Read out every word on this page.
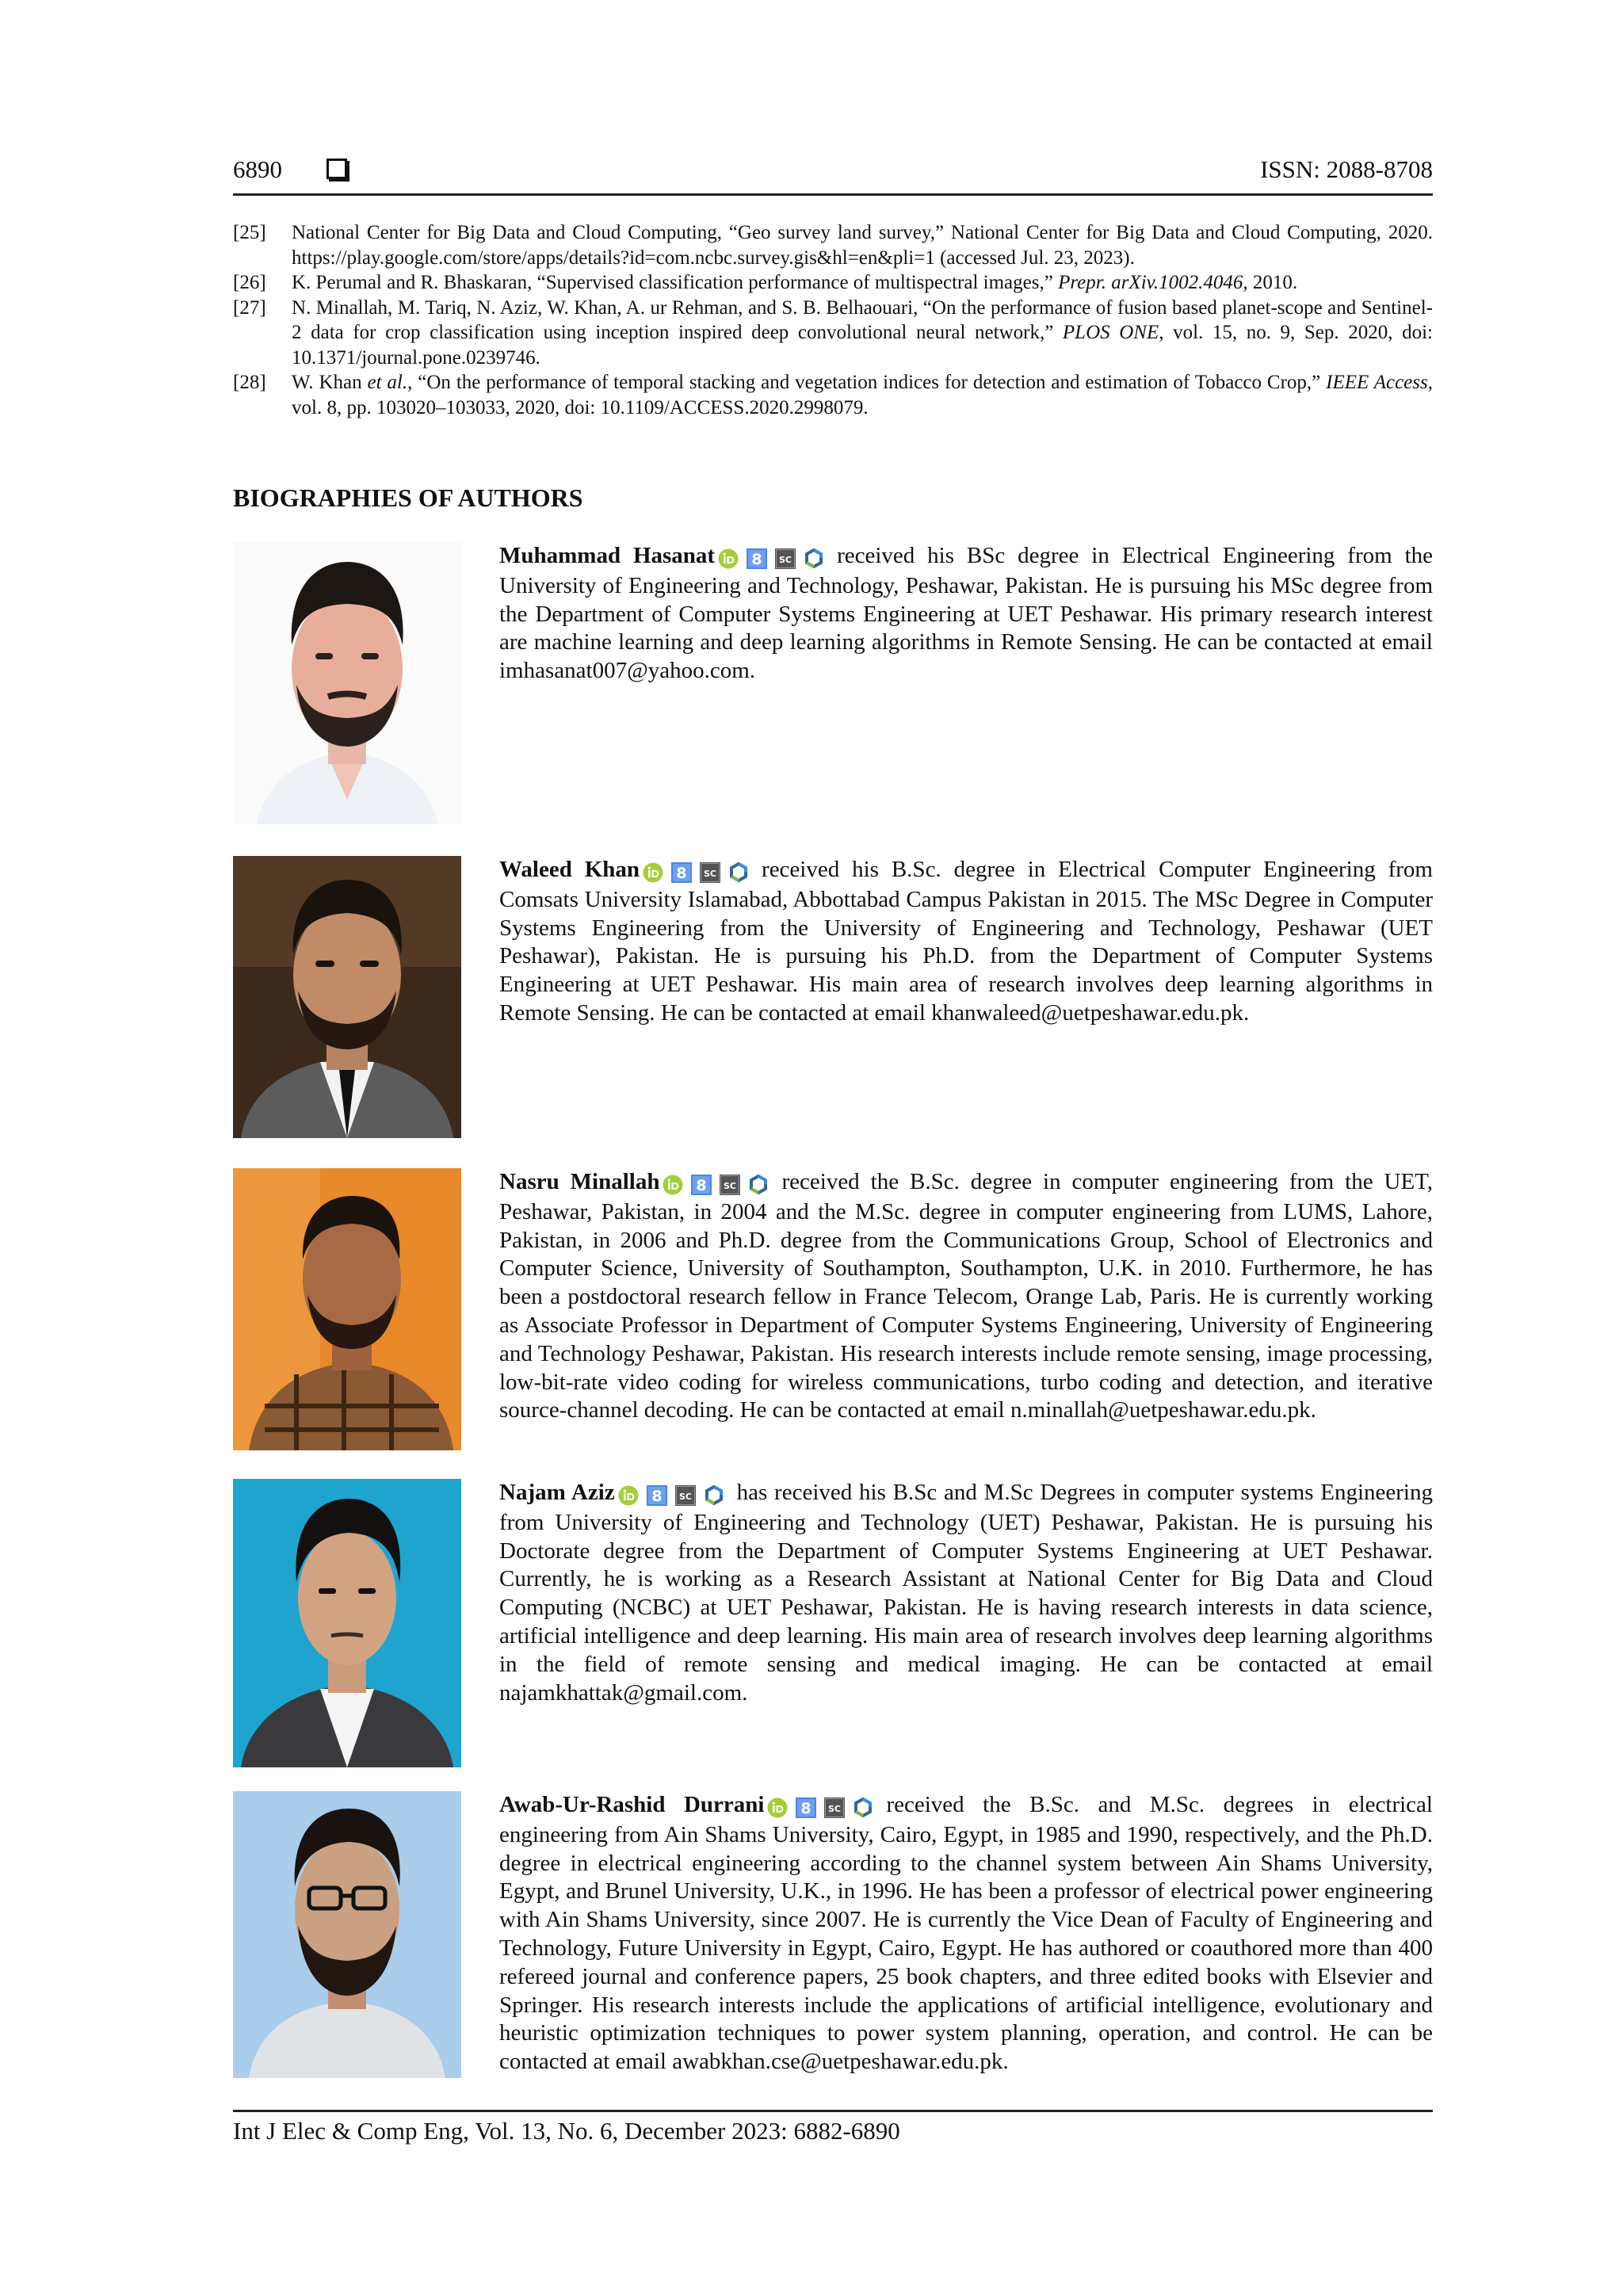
6890	ISSN: 2088-8708
[25]	National Center for Big Data and Cloud Computing, “Geo survey land survey,” National Center for Big Data and Cloud Computing, 2020. https://play.google.com/store/apps/details?id=com.ncbc.survey.gis&hl=en&pli=1 (accessed Jul. 23, 2023).
[26]	K. Perumal and R. Bhaskaran, “Supervised classification performance of multispectral images,” Prepr. arXiv.1002.4046, 2010.
[27]	N. Minallah, M. Tariq, N. Aziz, W. Khan, A. ur Rehman, and S. B. Belhaouari, “On the performance of fusion based planet-scope and Sentinel-2 data for crop classification using inception inspired deep convolutional neural network,” PLOS ONE, vol. 15, no. 9, Sep. 2020, doi: 10.1371/journal.pone.0239746.
[28]	W. Khan et al., “On the performance of temporal stacking and vegetation indices for detection and estimation of Tobacco Crop,” IEEE Access, vol. 8, pp. 103020–103033, 2020, doi: 10.1109/ACCESS.2020.2998079.
BIOGRAPHIES OF AUTHORS
Muhammad Hasanat	received his BSc degree in Electrical Engineering from the University of Engineering and Technology, Peshawar, Pakistan. He is pursuing his MSc degree from the Department of Computer Systems Engineering at UET Peshawar. His primary research interest are machine learning and deep learning algorithms in Remote Sensing. He can be contacted at email imhasanat007@yahoo.com.
Waleed Khan	received his B.Sc. degree in Electrical Computer Engineering from Comsats University Islamabad, Abbottabad Campus Pakistan in 2015. The MSc Degree in Computer Systems Engineering from the University of Engineering and Technology, Peshawar (UET Peshawar), Pakistan. He is pursuing his Ph.D. from the Department of Computer Systems Engineering at UET Peshawar. His main area of research involves deep learning algorithms in Remote Sensing. He can be contacted at email khanwaleed@uetpeshawar.edu.pk.
Nasru Minallah	received the B.Sc. degree in computer engineering from the UET, Peshawar, Pakistan, in 2004 and the M.Sc. degree in computer engineering from LUMS, Lahore, Pakistan, in 2006 and Ph.D. degree from the Communications Group, School of Electronics and Computer Science, University of Southampton, Southampton, U.K. in 2010. Furthermore, he has been a postdoctoral research fellow in France Telecom, Orange Lab, Paris. He is currently working as Associate Professor in Department of Computer Systems Engineering, University of Engineering and Technology Peshawar, Pakistan. His research interests include remote sensing, image processing, low-bit-rate video coding for wireless communications, turbo coding and detection, and iterative source-channel decoding. He can be contacted at email n.minallah@uetpeshawar.edu.pk.
Najam Aziz	has received his B.Sc and M.Sc Degrees in computer systems Engineering from University of Engineering and Technology (UET) Peshawar, Pakistan. He is pursuing his Doctorate degree from the Department of Computer Systems Engineering at UET Peshawar. Currently, he is working as a Research Assistant at National Center for Big Data and Cloud Computing (NCBC) at UET Peshawar, Pakistan. He is having research interests in data science, artificial intelligence and deep learning. His main area of research involves deep learning algorithms in the field of remote sensing and medical imaging. He can be contacted at email najamkhattak@gmail.com.
Awab-Ur-Rashid Durrani	received the B.Sc. and M.Sc. degrees in electrical engineering from Ain Shams University, Cairo, Egypt, in 1985 and 1990, respectively, and the Ph.D. degree in electrical engineering according to the channel system between Ain Shams University, Egypt, and Brunel University, U.K., in 1996. He has been a professor of electrical power engineering with Ain Shams University, since 2007. He is currently the Vice Dean of Faculty of Engineering and Technology, Future University in Egypt, Cairo, Egypt. He has authored or coauthored more than 400 refereed journal and conference papers, 25 book chapters, and three edited books with Elsevier and Springer. His research interests include the applications of artificial intelligence, evolutionary and heuristic optimization techniques to power system planning, operation, and control. He can be contacted at email awabkhan.cse@uetpeshawar.edu.pk.
Int J Elec & Comp Eng, Vol. 13, No. 6, December 2023: 6882-6890
